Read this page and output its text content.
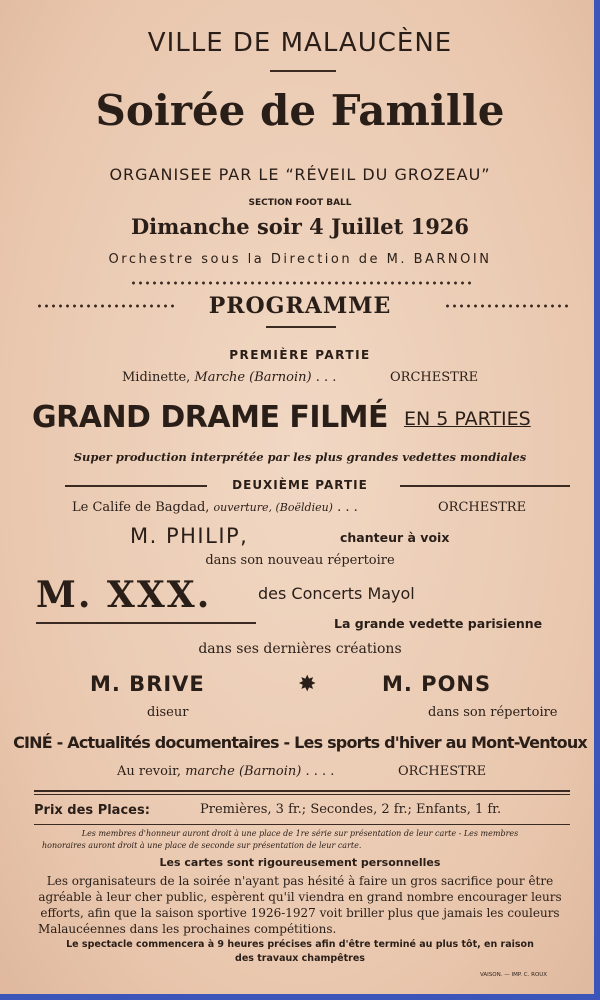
VILLE DE MALAUCÈNE
Soirée de Famille
ORGANISEE PAR LE “RÉVEIL DU GROZEAU”
SECTION FOOT BALL
Dimanche soir 4 Juillet 1926
Orchestre sous la Direction de M. BARNOIN
PROGRAMME
PREMIÈRE PARTIE
Midinette, Marche (Barnoin) . . .	ORCHESTRE
GRAND DRAME FILMÉ EN 5 PARTIES
Super production interprétée par les plus grandes vedettes mondiales
DEUXIÈME PARTIE
Le Calife de Bagdad, ouverture, (Boëldieu) . . .	ORCHESTRE
M. PHILIP,	chanteur à voix
dans son nouveau répertoire
M. XXX.	des Concerts Mayol
La grande vedette parisienne
dans ses dernières créations
M. BRIVE	✸	M. PONS
diseur	dans son répertoire
CINÉ - Actualités documentaires - Les sports d'hiver au Mont-Ventoux
Au revoir, marche (Barnoin) . . . .	ORCHESTRE
Prix des Places:	Premières, 3 fr.; Secondes, 2 fr.; Enfants, 1 fr.
Les membres d'honneur auront droit à une place de 1re série sur présentation de leur carte - Les membres
honoraires auront droit à une place de seconde sur présentation de leur carte.
Les cartes sont rigoureusement personnelles
Les organisateurs de la soirée n'ayant pas hésité à faire un gros sacrifice pour être
agréable à leur cher public, espèrent qu'il viendra en grand nombre encourager leurs
efforts, afin que la saison sportive 1926-1927 voit briller plus que jamais les couleurs
Malaucéennes dans les prochaines compétitions.
Le spectacle commencera à 9 heures précises afin d'être terminé au plus tôt, en raison
des travaux champêtres
VAISON. — IMP. C. ROUX
